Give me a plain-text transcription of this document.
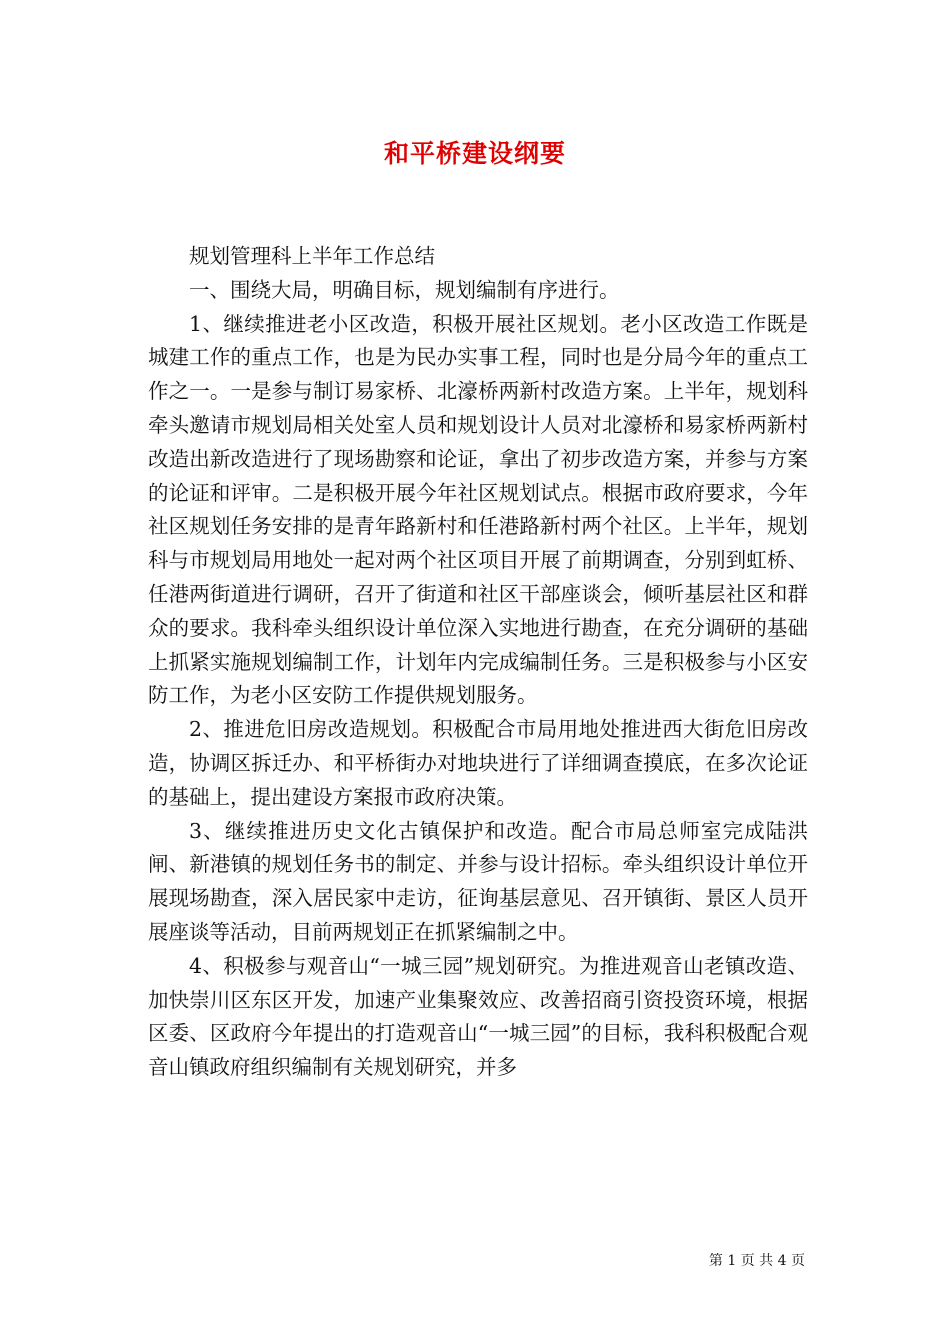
和平桥建设纲要

规划管理科上半年工作总结

一、围绕大局，明确目标，规划编制有序进行。

1、继续推进老小区改造，积极开展社区规划。老小区改造工作既是城建工作的重点工作，也是为民办实事工程，同时也是分局今年的重点工作之一。一是参与制订易家桥、北濠桥两新村改造方案。上半年，规划科牵头邀请市规划局相关处室人员和规划设计人员对北濠桥和易家桥两新村改造出新改造进行了现场勘察和论证，拿出了初步改造方案，并参与方案的论证和评审。二是积极开展今年社区规划试点。根据市政府要求，今年社区规划任务安排的是青年路新村和任港路新村两个社区。上半年，规划科与市规划局用地处一起对两个社区项目开展了前期调查，分别到虹桥、任港两街道进行调研，召开了街道和社区干部座谈会，倾听基层社区和群众的要求。我科牵头组织设计单位深入实地进行勘查，在充分调研的基础上抓紧实施规划编制工作，计划年内完成编制任务。三是积极参与小区安防工作，为老小区安防工作提供规划服务。

2、推进危旧房改造规划。积极配合市局用地处推进西大街危旧房改造，协调区拆迁办、和平桥街办对地块进行了详细调查摸底，在多次论证的基础上，提出建设方案报市政府决策。

3、继续推进历史文化古镇保护和改造。配合市局总师室完成陆洪闸、新港镇的规划任务书的制定、并参与设计招标。牵头组织设计单位开展现场勘查，深入居民家中走访，征询基层意见、召开镇街、景区人员开展座谈等活动，目前两规划正在抓紧编制之中。

4、积极参与观音山“一城三园”规划研究。为推进观音山老镇改造、加快崇川区东区开发，加速产业集聚效应、改善招商引资投资环境，根据区委、区政府今年提出的打造观音山“一城三园”的目标，我科积极配合观音山镇政府组织编制有关规划研究，并多

第 1 页 共 4 页
